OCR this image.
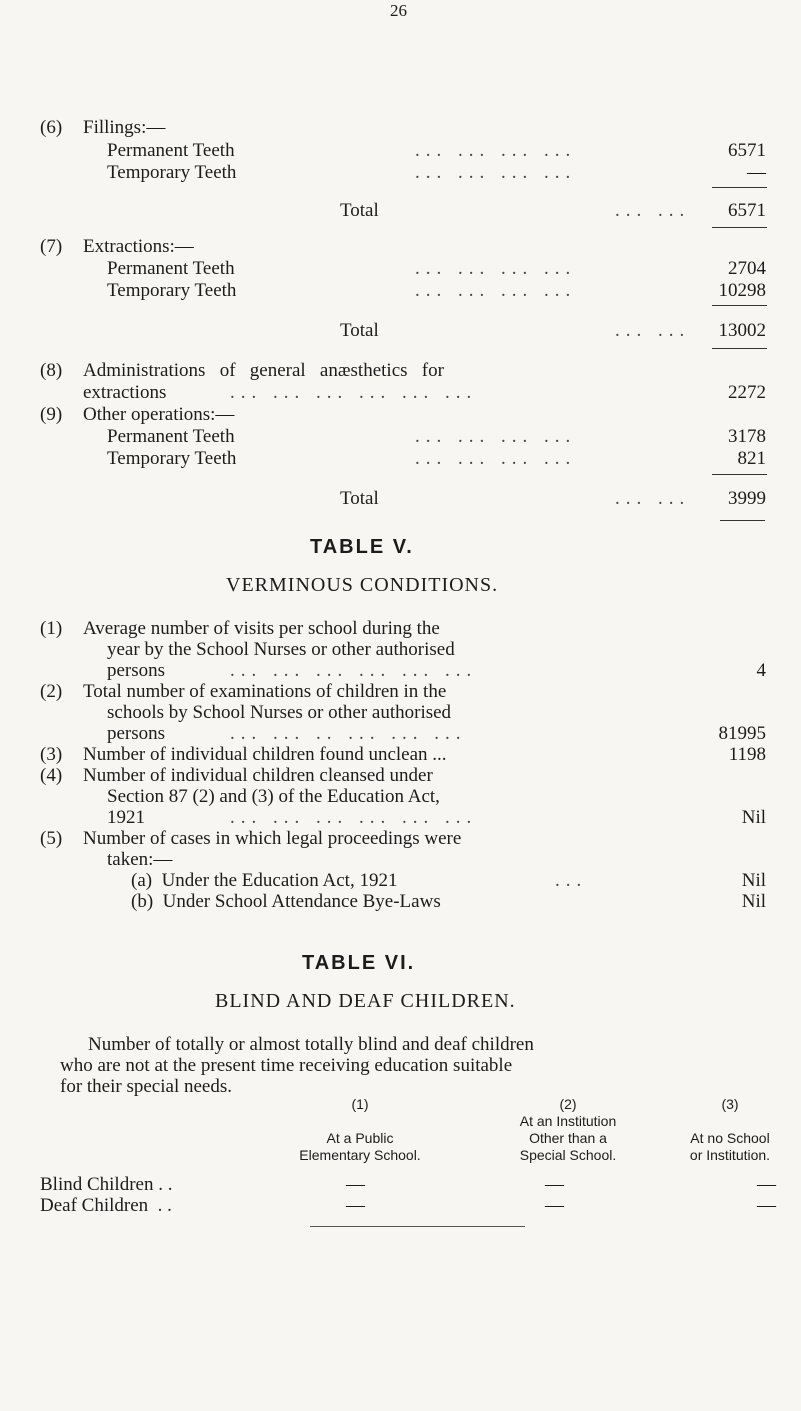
26
(6) Fillings:—
Permanent Teeth	... ... ... ...	6571
Temporary Teeth	... ... ... ...	—
Total	... ... 6571
(7) Extractions:—
Permanent Teeth	... ... ... ...	2704
Temporary Teeth	... ... ... ...	10298
Total	... ... 13002
(8) Administrations   of   general   anæsthetics   for
extractions	... ... ... ... ... ...	2272
(9) Other operations:—
Permanent Teeth	... ... ... ...	3178
Temporary Teeth	... ... ... ...	821
Total	... ... 3999
TABLE V.
VERMINOUS CONDITIONS.
(1) Average number of visits per school during the
year by the School Nurses or other authorised
persons	... ... ... ... ... ...	4
(2) Total number of examinations of children in the
schools by School Nurses or other authorised
persons	... ... .. ... ... ...	81995
(3) Number of individual children found unclean ...	1198
(4) Number of individual children cleansed under
Section 87 (2) and (3) of the Education Act,
1921	... ... ... ... ... ...	Nil
(5) Number of cases in which legal proceedings were
taken:—
(a)  Under the Education Act, 1921	...	Nil
(b)  Under School Attendance Bye-Laws	Nil
TABLE VI.
BLIND AND DEAF CHILDREN.
Number of totally or almost totally blind and deaf children
who are not at the present time receiving education suitable
for their special needs.
(1)
At a Public
Elementary School.
(2)
At an Institution
Other than a
Special School.
(3)
At no School
or Institution.
Blind Children . .	—	—	—
Deaf Children  . .	—	—	—
